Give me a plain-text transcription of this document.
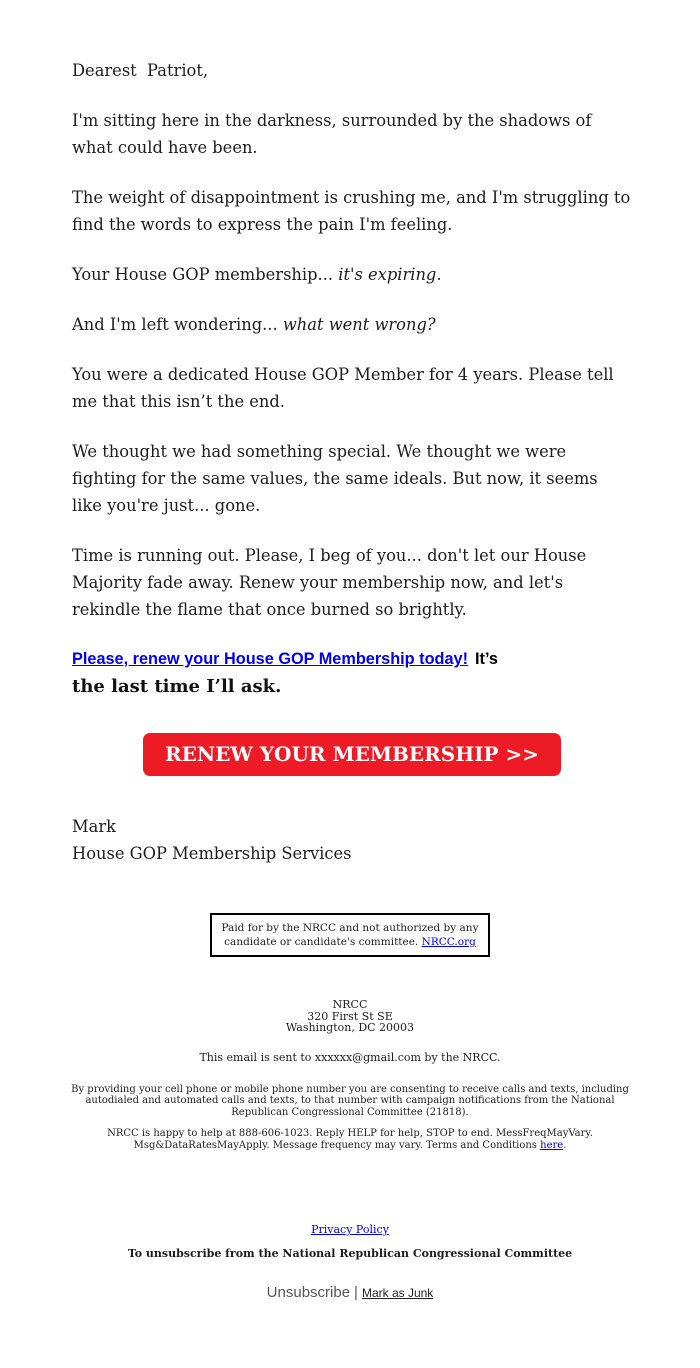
Dearest  Patriot,

I'm sitting here in the darkness, surrounded by the shadows of what could have been.

The weight of disappointment is crushing me, and I'm struggling to find the words to express the pain I'm feeling.

Your House GOP membership... it's expiring.

And I'm left wondering... what went wrong?

You were a dedicated House GOP Member for 4 years. Please tell me that this isn’t the end.

We thought we had something special. We thought we were fighting for the same values, the same ideals. But now, it seems like you're just... gone.

Time is running out. Please, I beg of you... don't let our House Majority fade away. Renew your membership now, and let's rekindle the flame that once burned so brightly.

Please, renew your House GOP Membership today! It’s
the last time I’ll ask.

RENEW YOUR MEMBERSHIP >>
Mark
House GOP Membership Services
Paid for by the NRCC and not authorized by any candidate or candidate's committee. NRCC.org
NRCC
320 First St SE
Washington, DC 20003
This email is sent to xxxxxx@gmail.com by the NRCC.
By providing your cell phone or mobile phone number you are consenting to receive calls and texts, including autodialed and automated calls and texts, to that number with campaign notifications from the National Republican Congressional Committee (21818).
NRCC is happy to help at 888-606-1023. Reply HELP for help, STOP to end. MessFreqMayVary. Msg&DataRatesMayApply. Message frequency may vary. Terms and Conditions here.
Privacy Policy
To unsubscribe from the National Republican Congressional Committee
Unsubscribe | Mark as Junk
